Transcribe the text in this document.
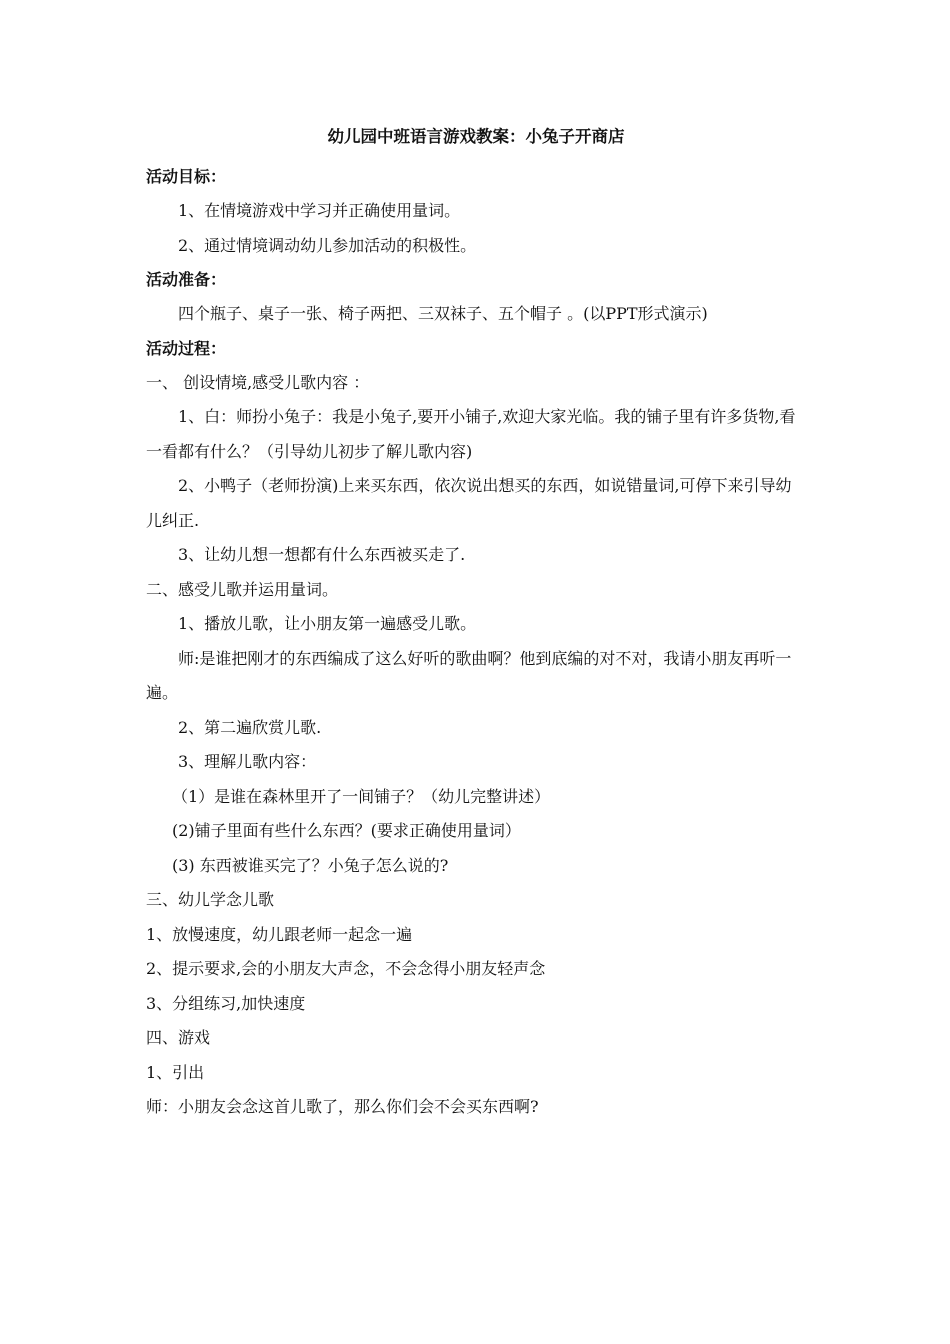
幼儿园中班语言游戏教案：小兔子开商店
活动目标：
1、在情境游戏中学习并正确使用量词。
2、通过情境调动幼儿参加活动的积极性。
活动准备：
四个瓶子、桌子一张、椅子两把、三双袜子、五个帽子 。(以PPT形式演示)
活动过程：
一、 创设情境,感受儿歌内容 ：
1、白：师扮小兔子：我是小兔子,要开小铺子,欢迎大家光临。我的铺子里有许多货物,看一看都有什么？（引导幼儿初步了解儿歌内容)
2、小鸭子（老师扮演)上来买东西，依次说出想买的东西，如说错量词,可停下来引导幼儿纠正.
3、让幼儿想一想都有什么东西被买走了.
二、感受儿歌并运用量词。
1、播放儿歌，让小朋友第一遍感受儿歌。
师:是谁把刚才的东西编成了这么好听的歌曲啊？他到底编的对不对，我请小朋友再听一遍。
2、第二遍欣赏儿歌.
3、理解儿歌内容：
（1）是谁在森林里开了一间铺子？（幼儿完整讲述）
(2)铺子里面有些什么东西？(要求正确使用量词）
(3) 东西被谁买完了？小兔子怎么说的?
三、幼儿学念儿歌
1、放慢速度，幼儿跟老师一起念一遍
2、提示要求,会的小朋友大声念，不会念得小朋友轻声念
3、分组练习,加快速度
四、游戏
1、引出
师：小朋友会念这首儿歌了，那么你们会不会买东西啊?
